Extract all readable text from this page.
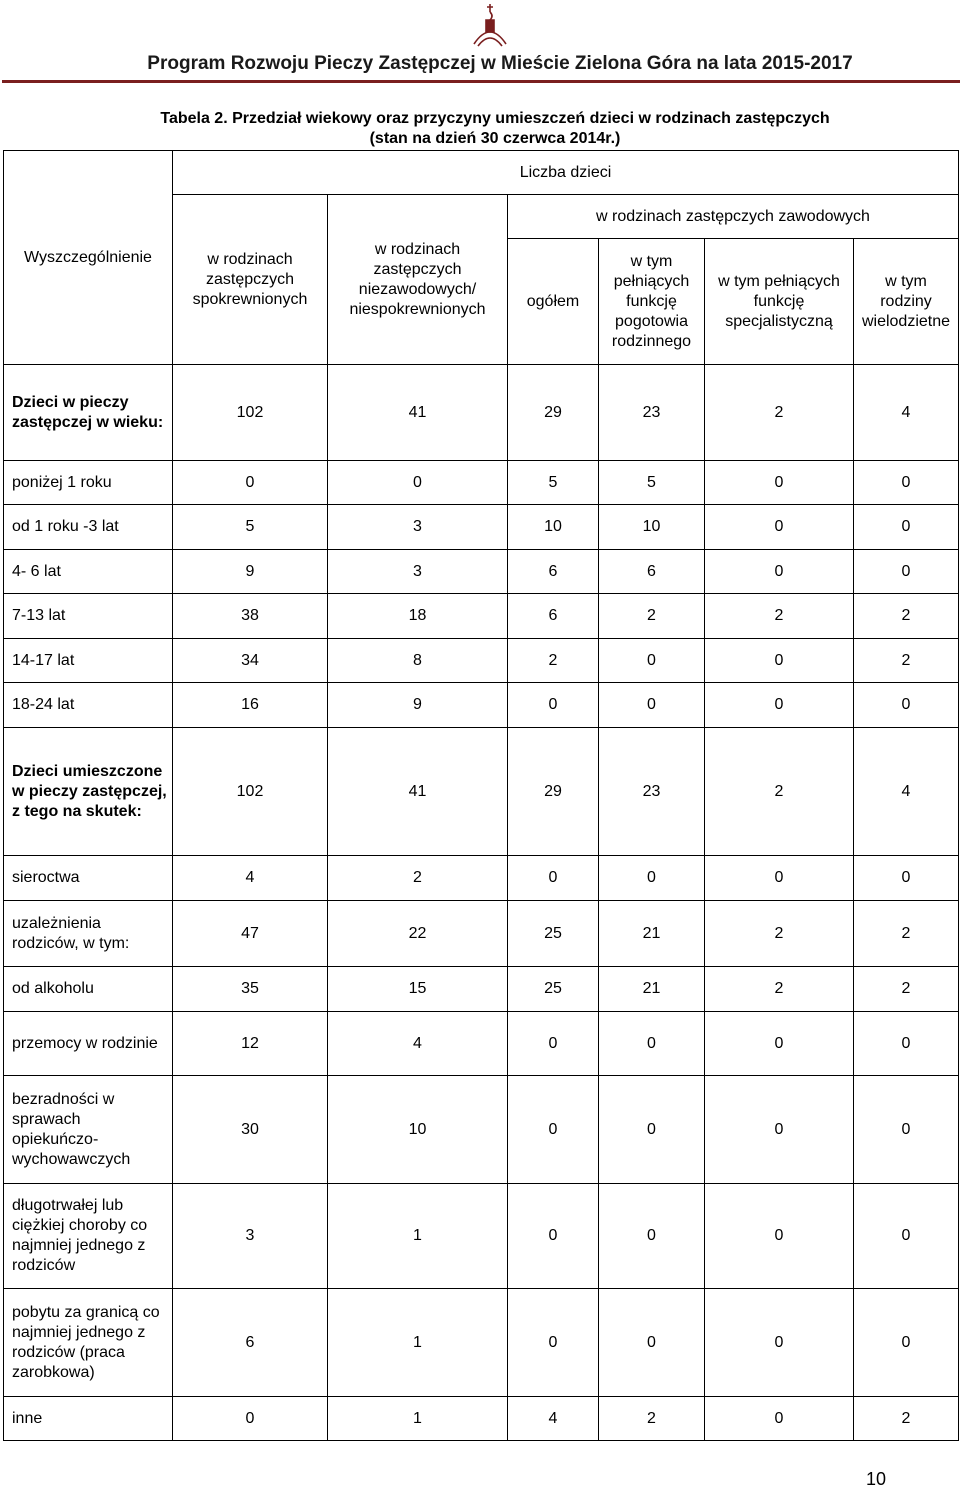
Program Rozwoju Pieczy Zastępczej w Mieście Zielona Góra na lata 2015-2017
Tabela 2. Przedział wiekowy oraz przyczyny umieszczeń dzieci w rodzinach zastępczych
(stan na dzień 30 czerwca 2014r.)
Wyszczególnienie	Liczba dzieci					
	w rodzinach zastępczych spokrewnionych	w rodzinach zastępczych niezawodowych/ niespokrewnionych	w rodzinach zastępczych zawodowych			
			ogółem	w tym pełniących funkcję pogotowia rodzinnego	w tym pełniących funkcję specjalistyczną	w tym rodziny wielodzietne
Dzieci w pieczy zastępczej w wieku:	102	41	29	23	2	4
poniżej 1 roku	0	0	5	5	0	0
od 1 roku -3 lat	5	3	10	10	0	0
4- 6 lat	9	3	6	6	0	0
7-13 lat	38	18	6	2	2	2
14-17 lat	34	8	2	0	0	2
18-24 lat	16	9	0	0	0	0
Dzieci umieszczone w pieczy zastępczej, z tego na skutek:	102	41	29	23	2	4
sieroctwa	4	2	0	0	0	0
uzależnienia rodziców, w tym:	47	22	25	21	2	2
od alkoholu	35	15	25	21	2	2
przemocy w rodzinie	12	4	0	0	0	0
bezradności w sprawach opiekuńczo-wychowawczych	30	10	0	0	0	0
długotrwałej lub ciężkiej choroby co najmniej jednego z rodziców	3	1	0	0	0	0
pobytu za granicą co najmniej jednego z rodziców (praca zarobkowa)	6	1	0	0	0	0
inne	0	1	4	2	0	2
10
